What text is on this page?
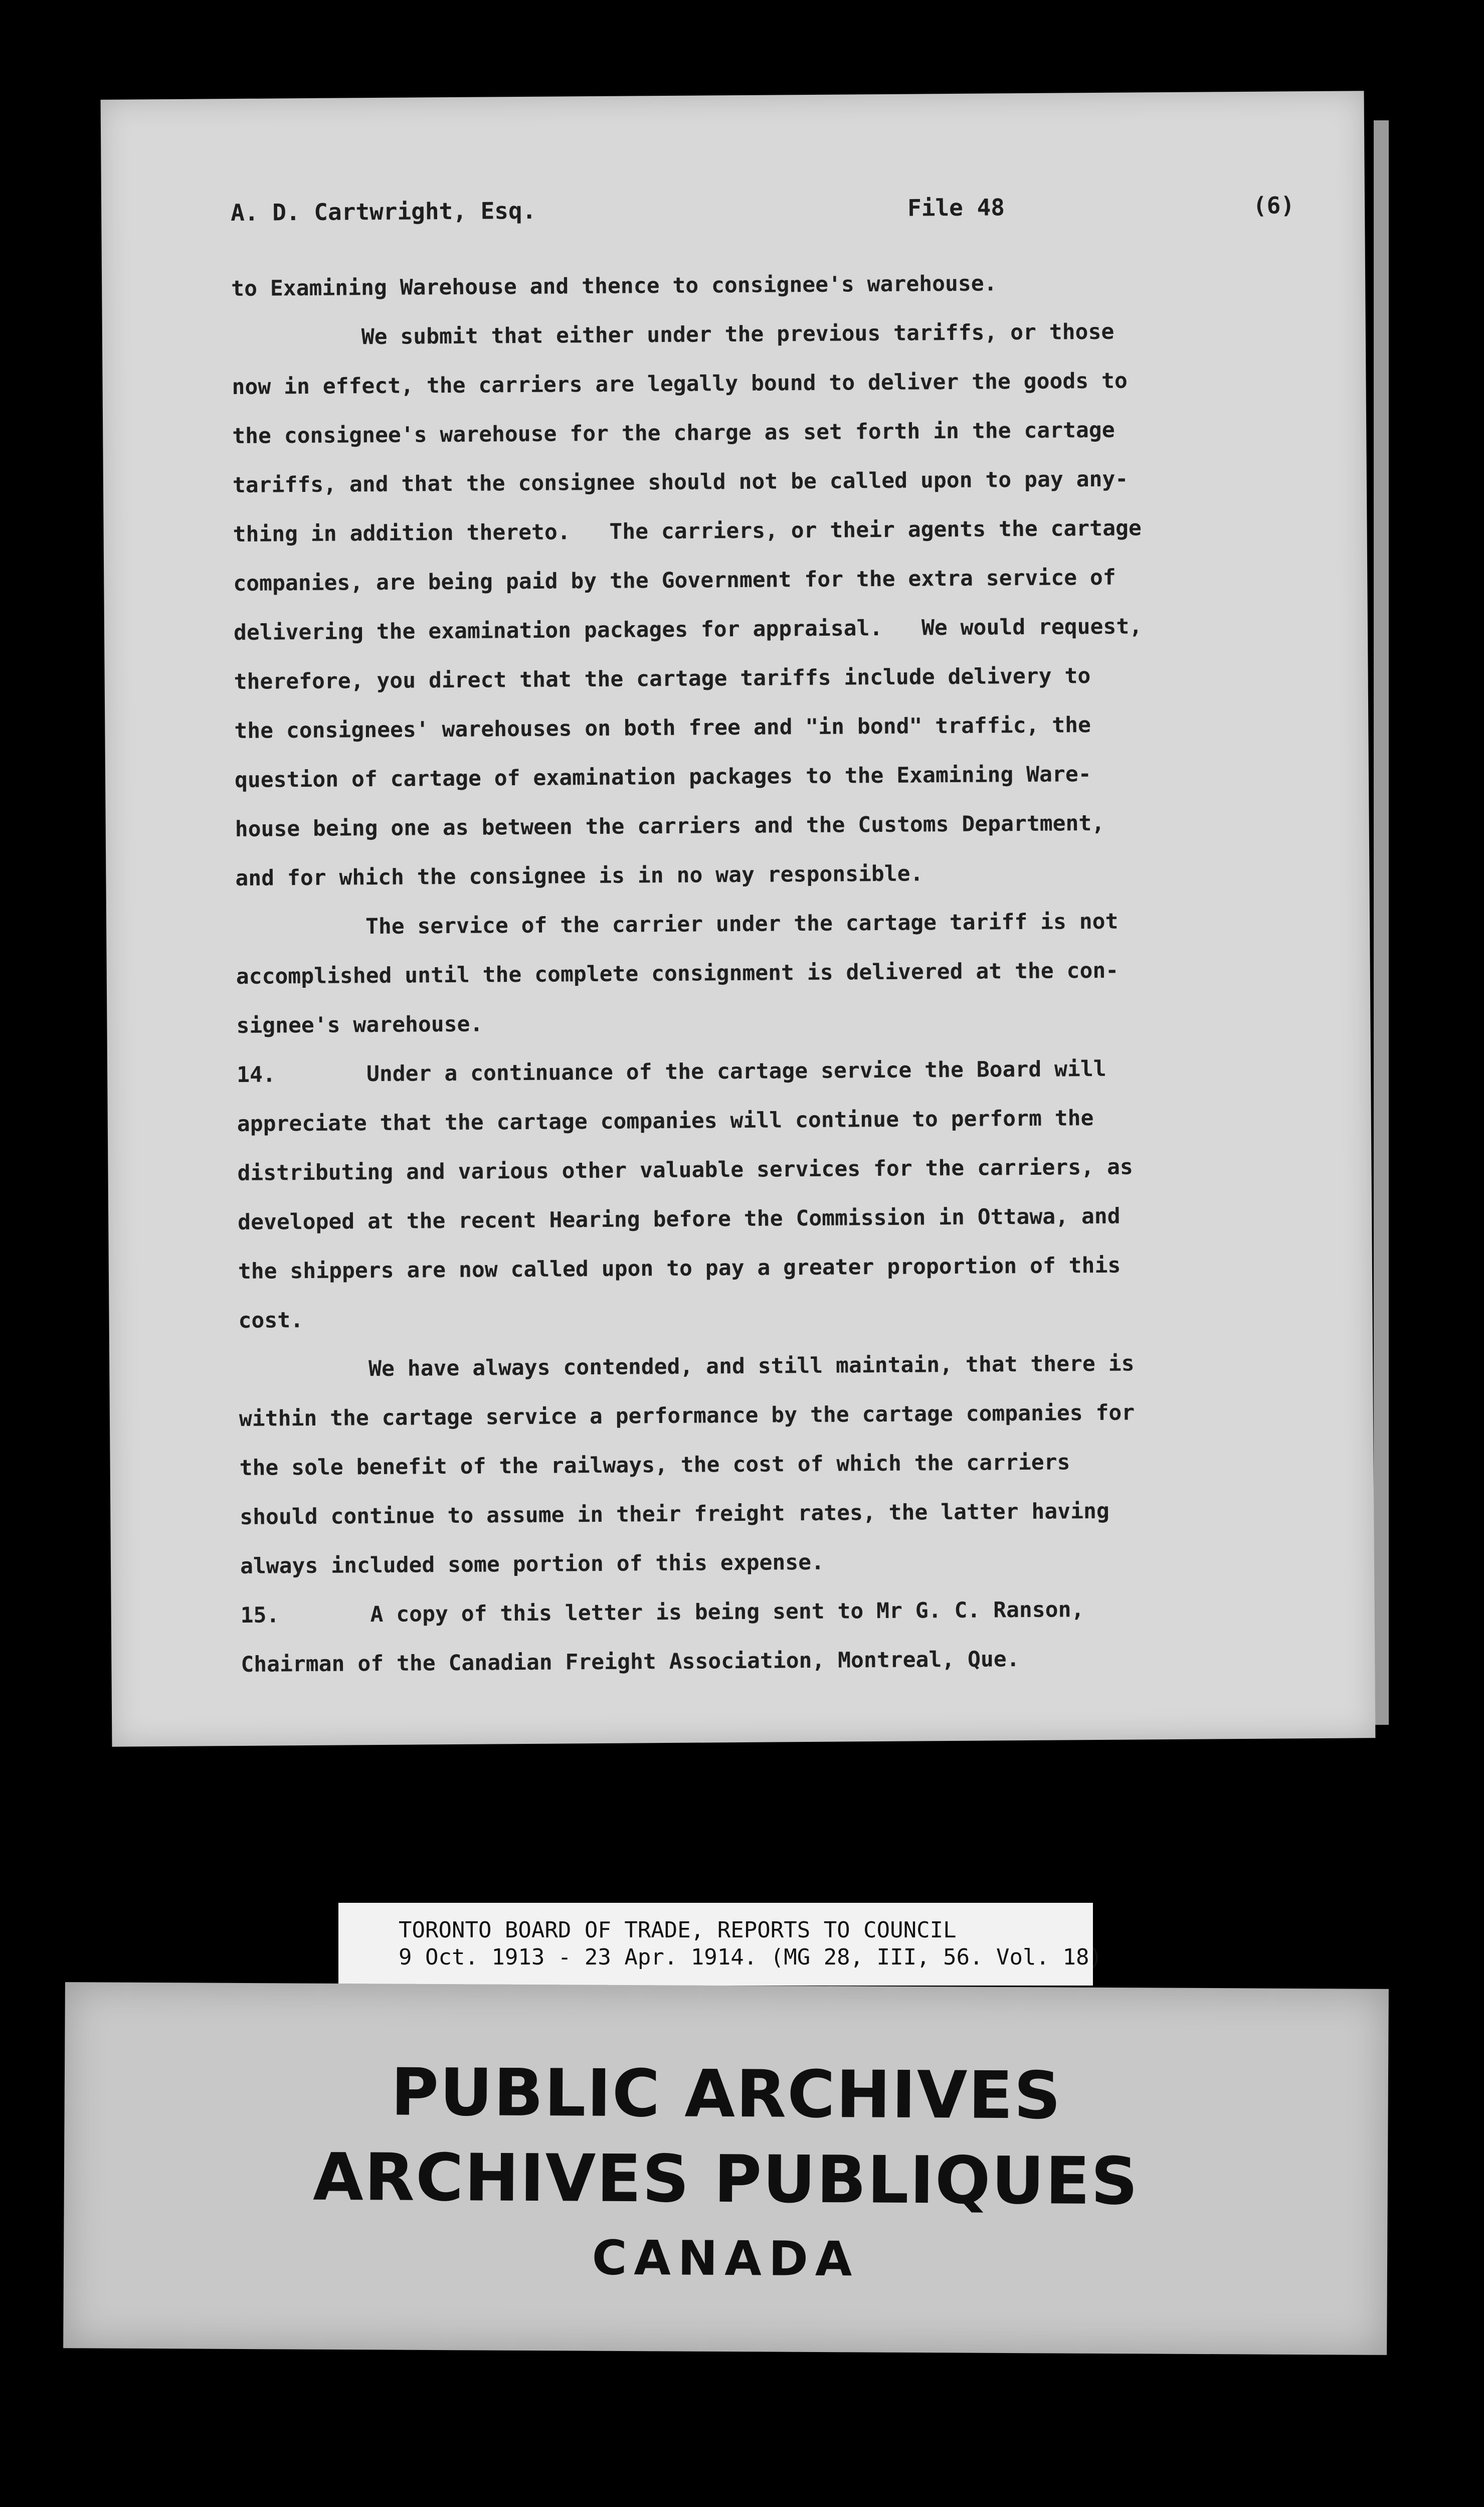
A. D. Cartwright, Esq.	File 48	(6)
to Examining Warehouse and thence to consignee's warehouse.
We submit that either under the previous tariffs, or those
now in effect, the carriers are legally bound to deliver the goods to
the consignee's warehouse for the charge as set forth in the cartage
tariffs, and that the consignee should not be called upon to pay any-
thing in addition thereto.   The carriers, or their agents the cartage
companies, are being paid by the Government for the extra service of
delivering the examination packages for appraisal.   We would request,
therefore, you direct that the cartage tariffs include delivery to
the consignees' warehouses on both free and "in bond" traffic, the
question of cartage of examination packages to the Examining Ware-
house being one as between the carriers and the Customs Department,
and for which the consignee is in no way responsible.
The service of the carrier under the cartage tariff is not
accomplished until the complete consignment is delivered at the con-
signee's warehouse.
14.       Under a continuance of the cartage service the Board will
appreciate that the cartage companies will continue to perform the
distributing and various other valuable services for the carriers, as
developed at the recent Hearing before the Commission in Ottawa, and
the shippers are now called upon to pay a greater proportion of this
cost.
We have always contended, and still maintain, that there is
within the cartage service a performance by the cartage companies for
the sole benefit of the railways, the cost of which the carriers
should continue to assume in their freight rates, the latter having
always included some portion of this expense.
15.       A copy of this letter is being sent to Mr G. C. Ranson,
Chairman of the Canadian Freight Association, Montreal, Que.
TORONTO BOARD OF TRADE, REPORTS TO COUNCIL
9 Oct. 1913 - 23 Apr. 1914. (MG 28, III, 56. Vol. 18)
PUBLIC ARCHIVES
ARCHIVES PUBLIQUES
CANADA
